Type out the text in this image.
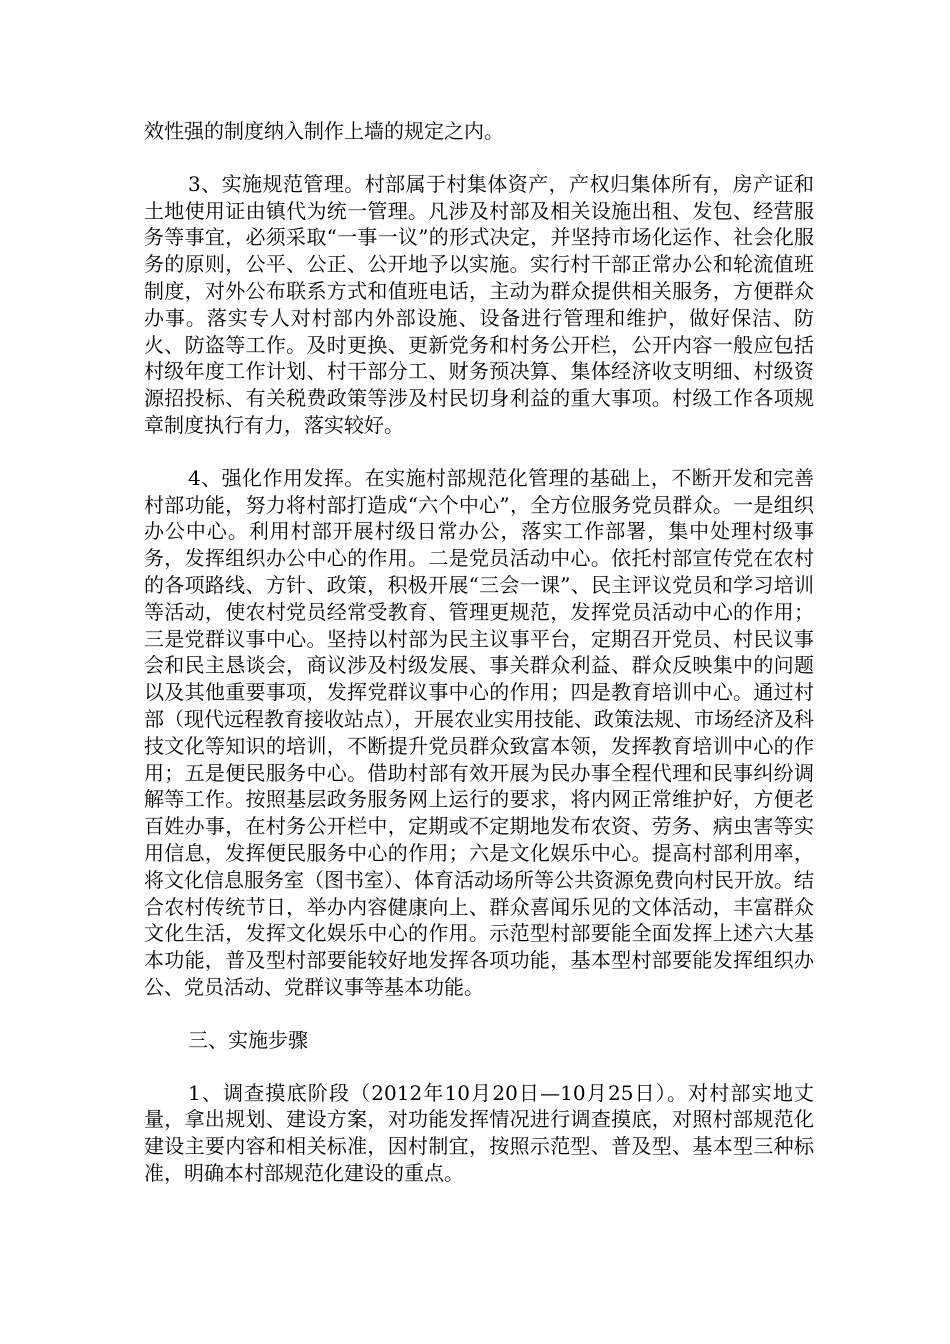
效性强的制度纳入制作上墙的规定之内。

3、实施规范管理。村部属于村集体资产，产权归集体所有，房产证和土地使用证由镇代为统一管理。凡涉及村部及相关设施出租、发包、经营服务等事宜，必须采取“一事一议”的形式决定，并坚持市场化运作、社会化服务的原则，公平、公正、公开地予以实施。实行村干部正常办公和轮流值班制度，对外公布联系方式和值班电话，主动为群众提供相关服务，方便群众办事。落实专人对村部内外部设施、设备进行管理和维护，做好保洁、防火、防盗等工作。及时更换、更新党务和村务公开栏，公开内容一般应包括村级年度工作计划、村干部分工、财务预决算、集体经济收支明细、村级资源招投标、有关税费政策等涉及村民切身利益的重大事项。村级工作各项规章制度执行有力，落实较好。

4、强化作用发挥。在实施村部规范化管理的基础上，不断开发和完善村部功能，努力将村部打造成“六个中心”，全方位服务党员群众。一是组织办公中心。利用村部开展村级日常办公，落实工作部署，集中处理村级事务，发挥组织办公中心的作用。二是党员活动中心。依托村部宣传党在农村的各项路线、方针、政策，积极开展“三会一课”、民主评议党员和学习培训等活动，使农村党员经常受教育、管理更规范，发挥党员活动中心的作用；三是党群议事中心。坚持以村部为民主议事平台，定期召开党员、村民议事会和民主恳谈会，商议涉及村级发展、事关群众利益、群众反映集中的问题以及其他重要事项，发挥党群议事中心的作用；四是教育培训中心。通过村部（现代远程教育接收站点），开展农业实用技能、政策法规、市场经济及科技文化等知识的培训，不断提升党员群众致富本领，发挥教育培训中心的作用；五是便民服务中心。借助村部有效开展为民办事全程代理和民事纠纷调解等工作。按照基层政务服务网上运行的要求，将内网正常维护好，方便老百姓办事，在村务公开栏中，定期或不定期地发布农资、劳务、病虫害等实用信息，发挥便民服务中心的作用；六是文化娱乐中心。提高村部利用率，将文化信息服务室（图书室）、体育活动场所等公共资源免费向村民开放。结合农村传统节日，举办内容健康向上、群众喜闻乐见的文体活动，丰富群众文化生活，发挥文化娱乐中心的作用。示范型村部要能全面发挥上述六大基本功能，普及型村部要能较好地发挥各项功能，基本型村部要能发挥组织办公、党员活动、党群议事等基本功能。

三、实施步骤

1、调查摸底阶段（2012年10月20日—10月25日）。对村部实地丈量，拿出规划、建设方案，对功能发挥情况进行调查摸底，对照村部规范化建设主要内容和相关标准，因村制宜，按照示范型、普及型、基本型三种标准，明确本村部规范化建设的重点。
